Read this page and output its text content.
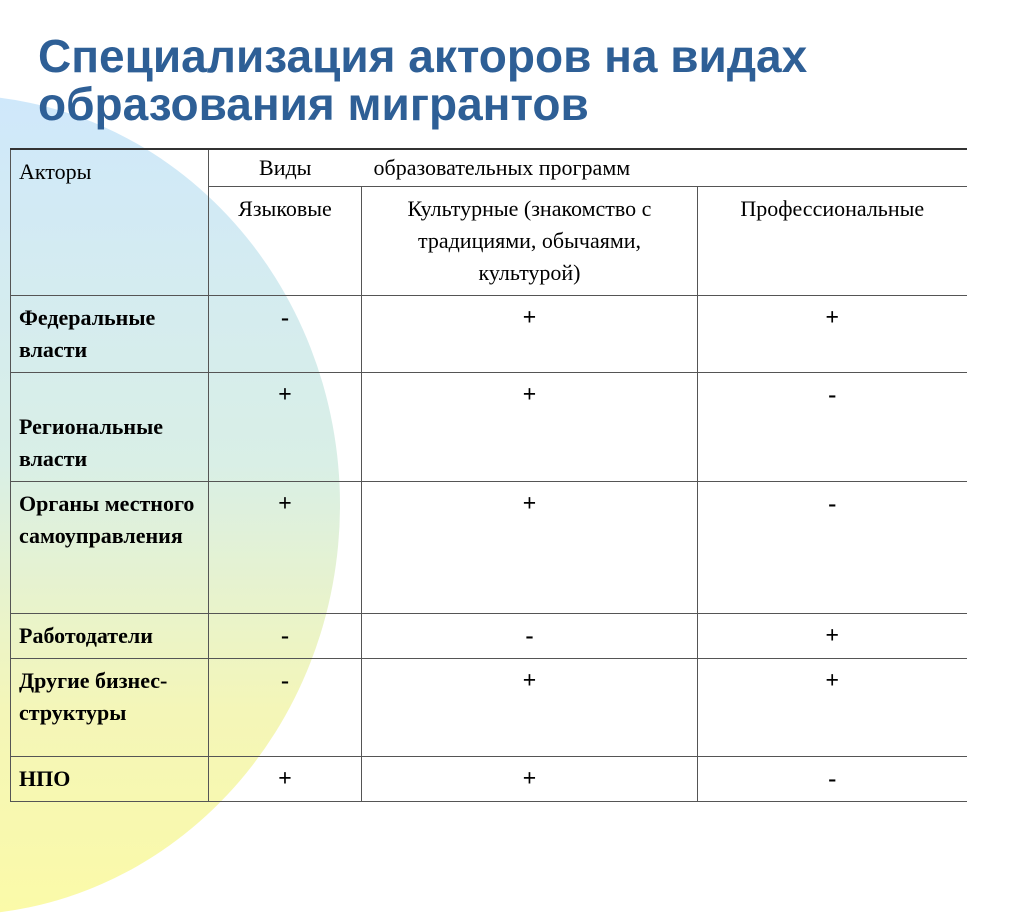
Специализация акторов на видах
образования мигрантов
Акторы	Виды	образовательных программ	
	Языковые	Культурные (знакомство с традициями, обычаями, культурой)	Профессиональные
Федеральные власти	-	+	+
Региональные власти	+	+	-
Органы местного самоуправления	+	+	-
Работодатели	-	-	+
Другие бизнес-структуры	-	+	+
НПО	+	+	-
